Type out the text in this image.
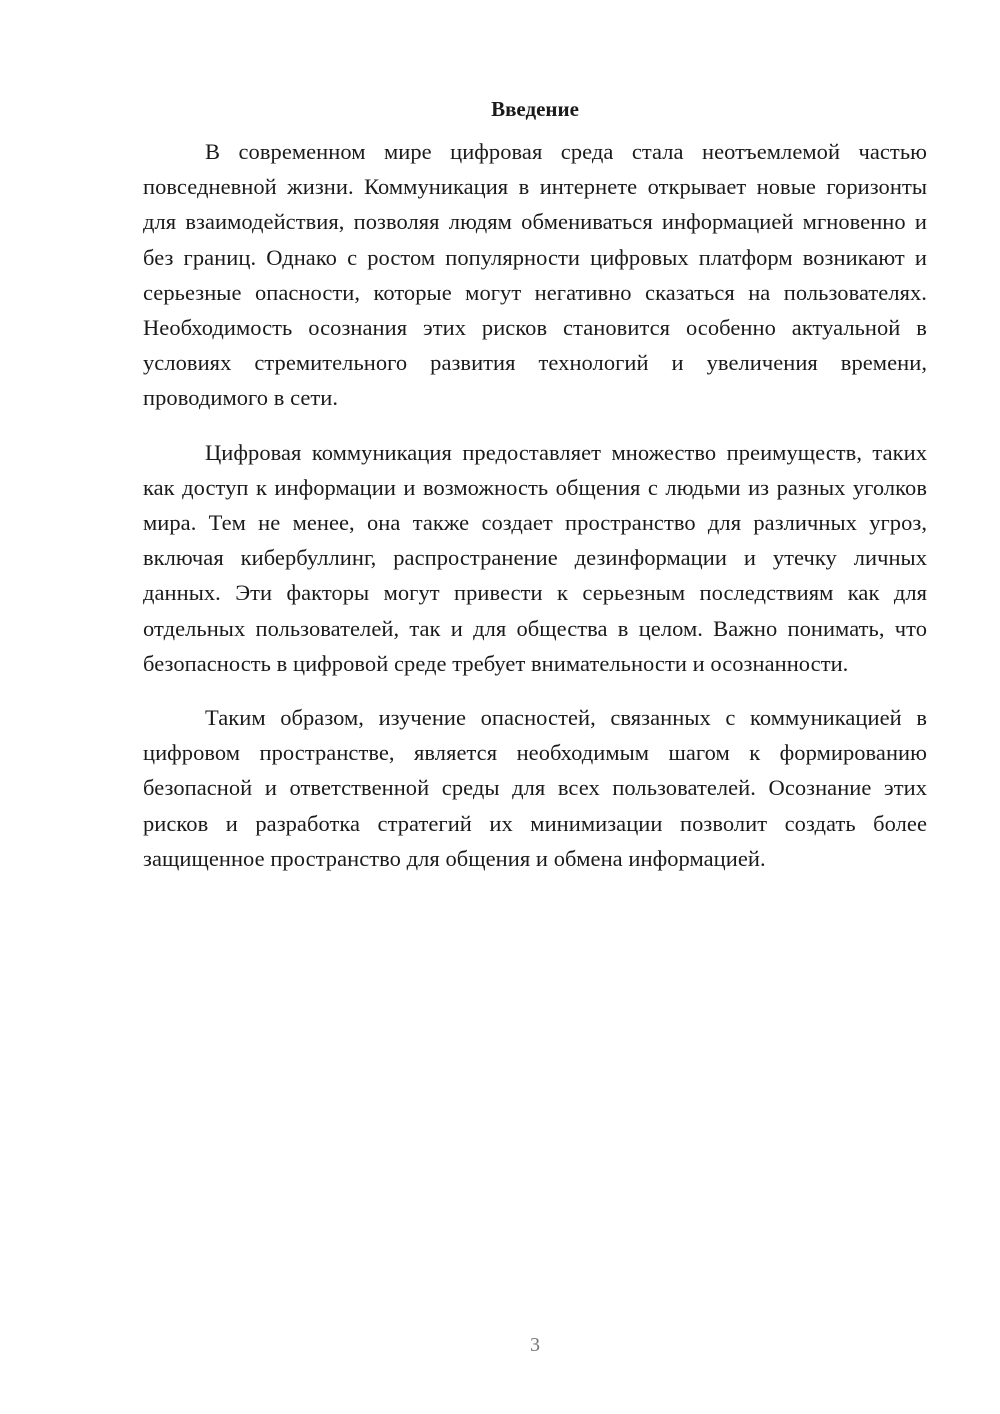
Введение

В современном мире цифровая среда стала неотъемлемой частью повседневной жизни. Коммуникация в интернете открывает новые горизонты для взаимодействия, позволяя людям обмениваться информацией мгновенно и без границ. Однако с ростом популярности цифровых платформ возникают и серьезные опасности, которые могут негативно сказаться на пользователях. Необходимость осознания этих рисков становится особенно актуальной в условиях стремительного развития технологий и увеличения времени, проводимого в сети.

Цифровая коммуникация предоставляет множество преимуществ, таких как доступ к информации и возможность общения с людьми из разных уголков мира. Тем не менее, она также создает пространство для различных угроз, включая кибербуллинг, распространение дезинформации и утечку личных данных. Эти факторы могут привести к серьезным последствиям как для отдельных пользователей, так и для общества в целом. Важно понимать, что безопасность в цифровой среде требует внимательности и осознанности.

Таким образом, изучение опасностей, связанных с коммуникацией в цифровом пространстве, является необходимым шагом к формированию безопасной и ответственной среды для всех пользователей. Осознание этих рисков и разработка стратегий их минимизации позволит создать более защищенное пространство для общения и обмена информацией.

3
